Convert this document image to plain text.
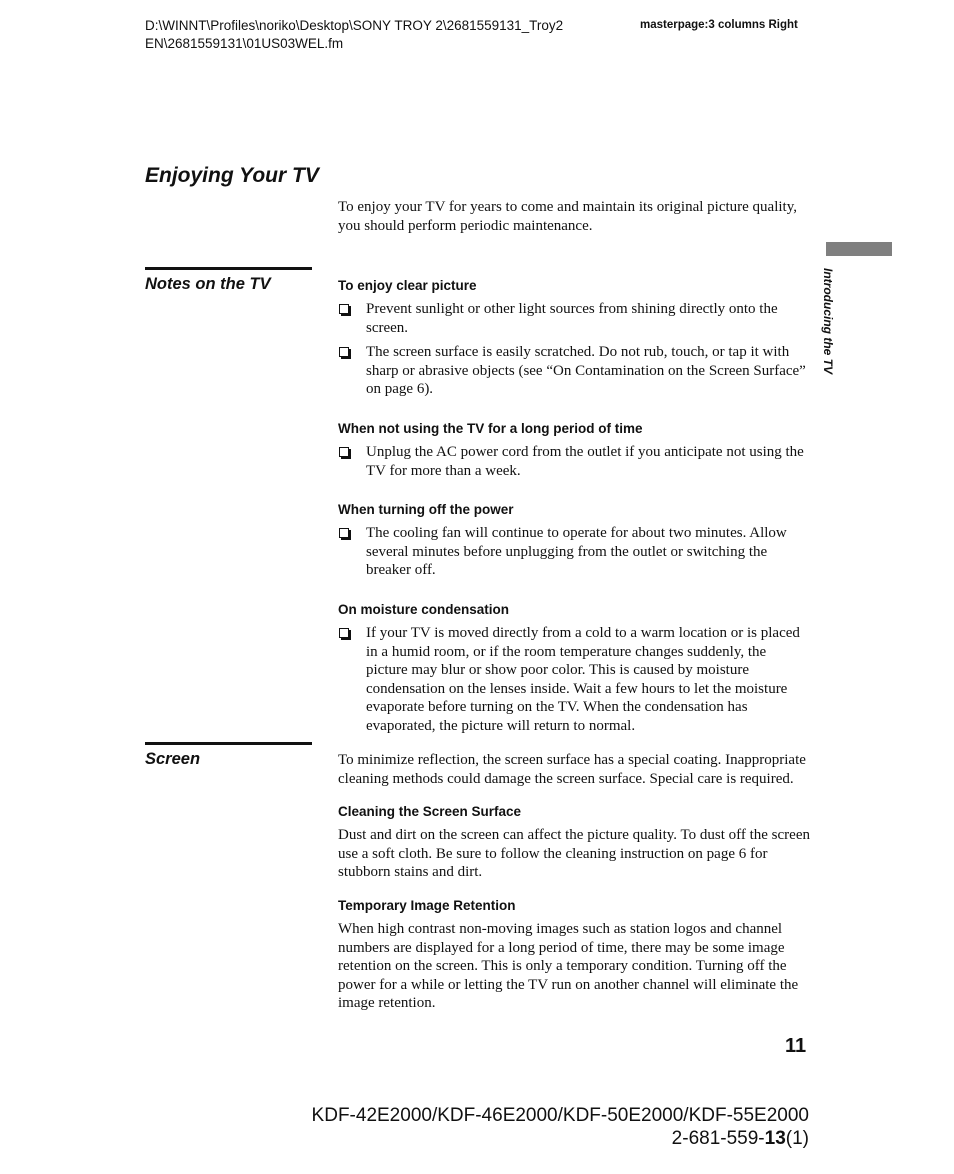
D:\WINNT\Profiles\noriko\Desktop\SONY TROY 2\2681559131_Troy2
EN\2681559131\01US03WEL.fm
masterpage:3 columns Right
Enjoying Your TV
To enjoy your TV for years to come and maintain its original picture quality, you should perform periodic maintenance.
Introducing the TV
Notes on the TV	To enjoy clear picture
Prevent sunlight or other light sources from shining directly onto the screen.
The screen surface is easily scratched. Do not rub, touch, or tap it with sharp or abrasive objects (see “On Contamination on the Screen Surface” on page 6).
When not using the TV for a long period of time
Unplug the AC power cord from the outlet if you anticipate not using the TV for more than a week.
When turning off the power
The cooling fan will continue to operate for about two minutes. Allow several minutes before unplugging from the outlet or switching the breaker off.
On moisture condensation
If your TV is moved directly from a cold to a warm location or is placed in a humid room, or if the room temperature changes suddenly, the picture may blur or show poor color. This is caused by moisture condensation on the lenses inside. Wait a few hours to let the moisture evaporate before turning on the TV. When the condensation has evaporated, the picture will return to normal.
Screen	To minimize reflection, the screen surface has a special coating. Inappropriate cleaning methods could damage the screen surface. Special care is required.

Cleaning the Screen Surface

Dust and dirt on the screen can affect the picture quality. To dust off the screen use a soft cloth. Be sure to follow the cleaning instruction on page 6 for stubborn stains and dirt.

Temporary Image Retention

When high contrast non-moving images such as station logos and channel numbers are displayed for a long period of time, there may be some image retention on the screen. This is only a temporary condition. Turning off the power for a while or letting the TV run on another channel will eliminate the image retention.

11
KDF-42E2000/KDF-46E2000/KDF-50E2000/KDF-55E2000
2-681-559-13(1)
